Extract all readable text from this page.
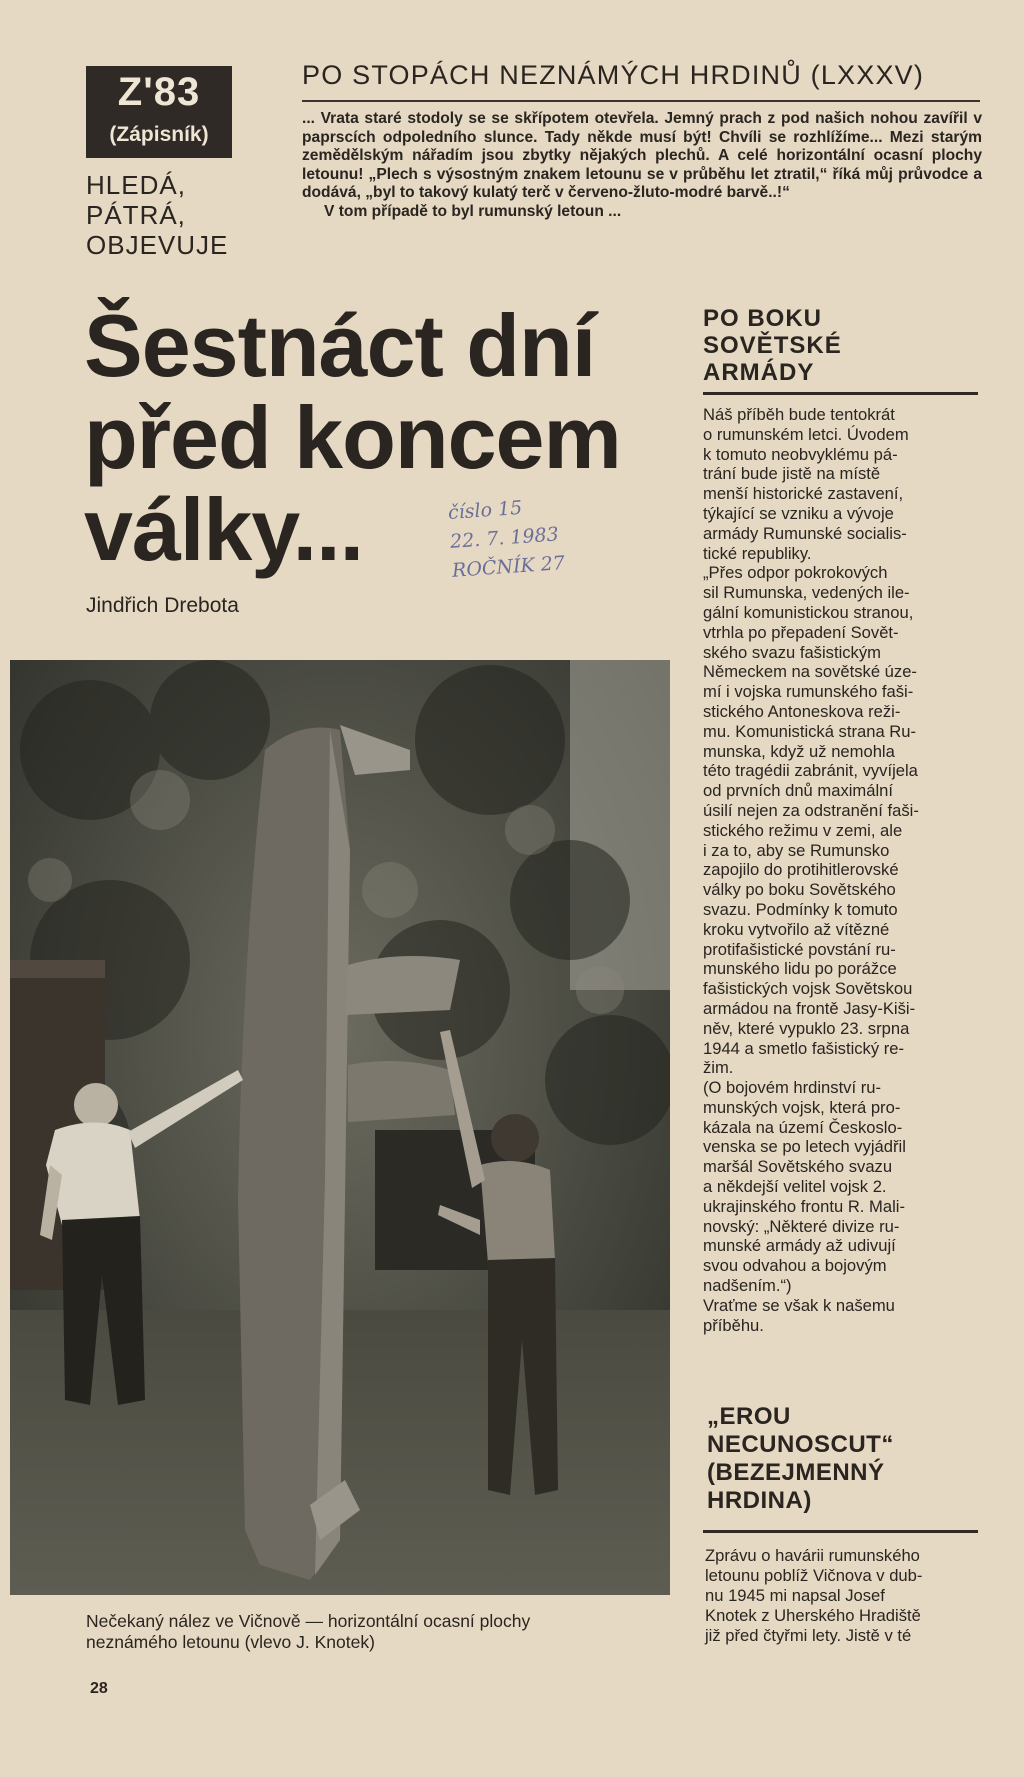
Z'83
(Zápisník)
HLEDÁ,
PÁTRÁ,
OBJEVUJE
PO STOPÁCH NEZNÁMÝCH HRDINŮ (LXXXV)

... Vrata staré stodoly se se skřípotem otevřela. Jemný prach z pod našich nohou zavířil v paprscích odpoledního slunce. Tady někde musí být! Chvíli se rozhlížíme... Mezi starým zemědělským nářadím jsou zbytky nějakých plechů. A celé horizontální ocasní plochy letounu! „Plech s výsostným znakem letounu se v průběhu let ztratil,“ říká můj průvodce a dodává, „byl to takový kulatý terč v červeno-žluto-modré barvě..!“

V tom případě to byl rumunský letoun ...

Šestnáct dní
před koncem
války...
Jindřich Drebota
číslo 15
22. 7. 1983
ROČNÍK 27
Nečekaný nález ve Vičnově — horizontální ocasní plochy
neznámého letounu (vlevo J. Knotek)
28
PO BOKU
SOVĚTSKÉ
ARMÁDY
Náš příběh bude tentokrát
o rumunském letci. Úvodem
k tomuto neobvyklému pá-
trání bude jistě na místě
menší historické zastavení,
týkající se vzniku a vývoje
armády Rumunské socialis-
tické republiky.
„Přes odpor pokrokových
sil Rumunska, vedených ile-
gální komunistickou stranou,
vtrhla po přepadení Sovět-
ského svazu fašistickým
Německem na sovětské úze-
mí i vojska rumunského faši-
stického Antoneskova reži-
mu. Komunistická strana Ru-
munska, když už nemohla
této tragédii zabránit, vyvíjela
od prvních dnů maximální
úsilí nejen za odstranění faši-
stického režimu v zemi, ale
i za to, aby se Rumunsko
zapojilo do protihitlerovské
války po boku Sovětského
svazu. Podmínky k tomuto
kroku vytvořilo až vítězné
protifašistické povstání ru-
munského lidu po porážce
fašistických vojsk Sovětskou
armádou na frontě Jasy-Kiši-
něv, které vypuklo 23. srpna
1944 a smetlo fašistický re-
žim.
(O bojovém hrdinství ru-
munských vojsk, která pro-
kázala na území Českoslo-
venska se po letech vyjádřil
maršál Sovětského svazu
a někdejší velitel vojsk 2.
ukrajinského frontu R. Mali-
novský: „Některé divize ru-
munské armády až udivují
svou odvahou a bojovým
nadšením.“)
Vraťme se však k našemu
příběhu.
„EROU
NECUNOSCUT“
(BEZEJMENNÝ
HRDINA)
Zprávu o havárii rumunského
letounu poblíž Vičnova v dub-
nu 1945 mi napsal Josef
Knotek z Uherského Hradiště
již před čtyřmi lety. Jistě v té
